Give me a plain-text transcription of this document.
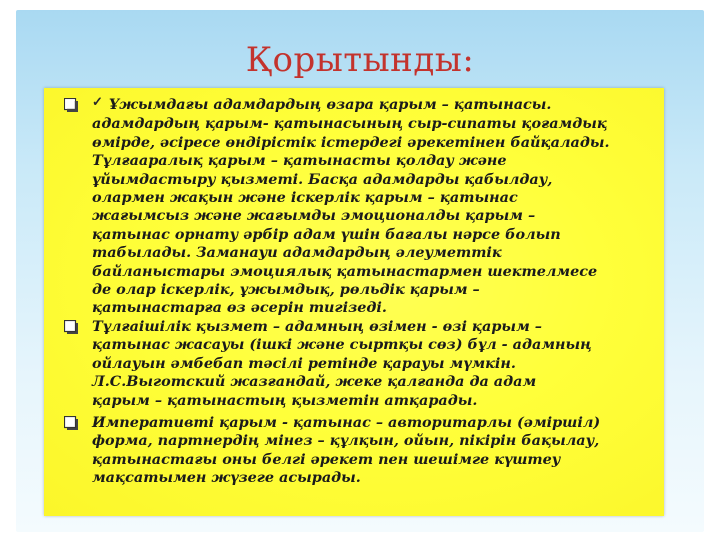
Қорытынды:
✓ Ұжымдағы адамдардың өзара қарым – қатынасы.
адамдардың қарым- қатынасының сыр-сипаты қоғамдық
өмірде, әсіресе өндірістік істердегі әрекетінен байқалады.
Тұлғааралық қарым – қатынасты қолдау және
ұйымдастыру қызметі. Басқа адамдарды қабылдау,
олармен жақын және іскерлік қарым – қатынас
жағымсыз және жағымды эмоционалды қарым –
қатынас орнату әрбір адам үшін бағалы нәрсе болып
табылады. Заманауи адамдардың әлеуметтік
байланыстары эмоциялық қатынастармен шектелмесе
де олар іскерлік, ұжымдық, рөльдік қарым –
қатынастарға өз әсерін тигізеді.
Тұлғаішілік қызмет – адамның өзімен - өзі қарым –
қатынас жасауы (ішкі және сыртқы сөз) бұл - адамның
ойлауын әмбебап тәсілі ретінде қарауы мүмкін.
Л.С.Выготский жазғандай, жеке қалғанда да адам
қарым – қатынастың қызметін атқарады.
Императивті қарым - қатынас – авторитарлы (әміршіл)
форма, партнердің мінез – құлқын, ойын, пікірін бақылау,
қатынастағы оны белгі әрекет пен шешімге күштеу
мақсатымен жүзеге асырады.
